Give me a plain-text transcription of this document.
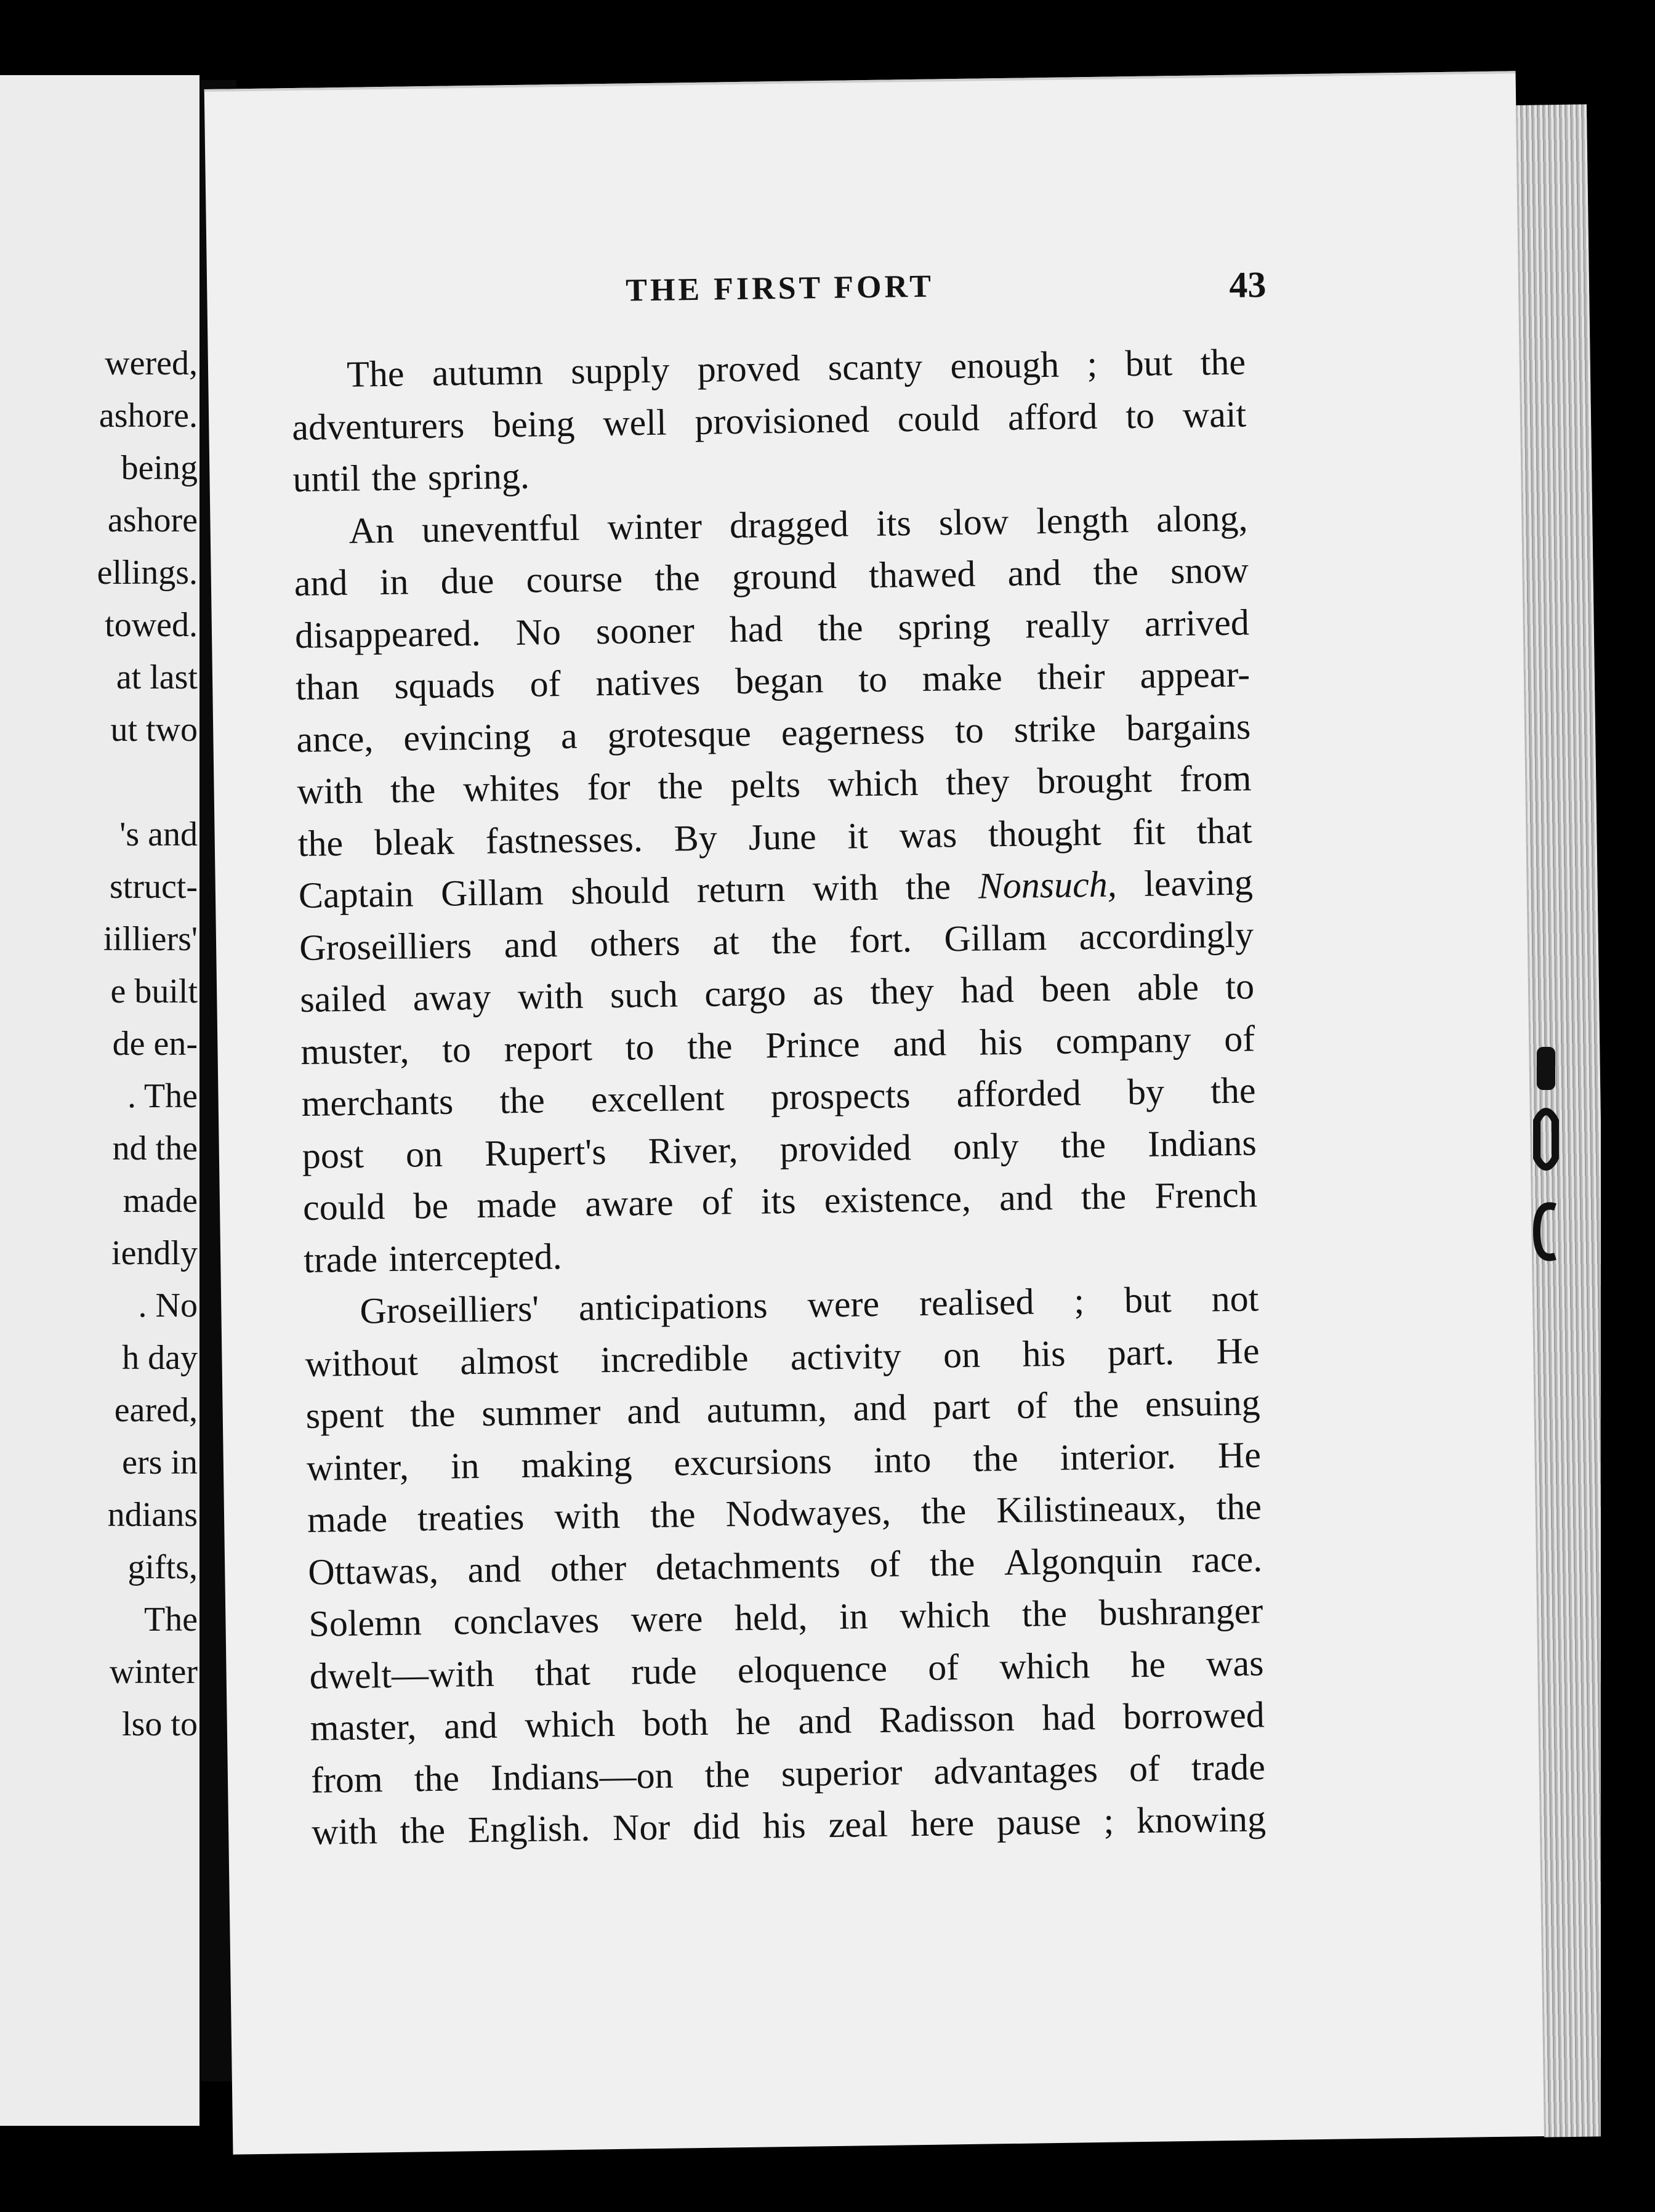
wered,
ashore.
being
ashore
ellings.
towed.
at last
ut two
's and
struct-
iilliers'
e built
de en-
. The
nd the
made
iendly
. No
h day
eared,
ers in
ndians
gifts,
The
winter
lso to
THE FIRST FORT	43
The autumn supply proved scanty enough ; but the
adventurers being well provisioned could afford to wait
until the spring.
An uneventful winter dragged its slow length along,
and in due course the ground thawed and the snow
disappeared. No sooner had the spring really arrived
than squads of natives began to make their appear-
ance, evincing a grotesque eagerness to strike bargains
with the whites for the pelts which they brought from
the bleak fastnesses. By June it was thought fit that
Captain Gillam should return with the Nonsuch, leaving
Groseilliers and others at the fort. Gillam accordingly
sailed away with such cargo as they had been able to
muster, to report to the Prince and his company of
merchants the excellent prospects afforded by the
post on Rupert's River, provided only the Indians
could be made aware of its existence, and the French
trade intercepted.
Groseilliers' anticipations were realised ; but not
without almost incredible activity on his part. He
spent the summer and autumn, and part of the ensuing
winter, in making excursions into the interior. He
made treaties with the Nodwayes, the Kilistineaux, the
Ottawas, and other detachments of the Algonquin race.
Solemn conclaves were held, in which the bushranger
dwelt—with that rude eloquence of which he was
master, and which both he and Radisson had borrowed
from the Indians—on the superior advantages of trade
with the English. Nor did his zeal here pause ; knowing
